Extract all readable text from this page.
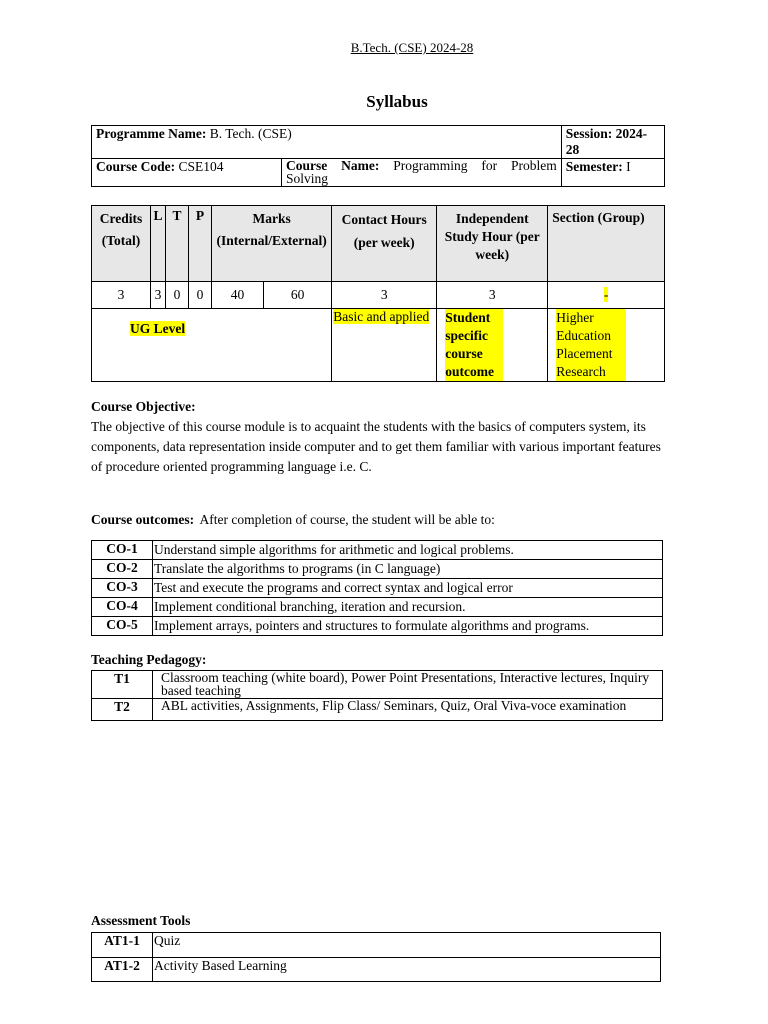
B.Tech. (CSE) 2024-28
Syllabus
Programme Name: B. Tech. (CSE)		Session: 2024-28
Course Code: CSE104	Course Name: Programming for Problem Solving	Semester: I
Credits (Total)	L	T	P	Marks (Internal/External)		Contact Hours (per week)	Independent Study Hour (per week)	Section (Group)
3	3	0	0	40	60	3	3	-
UG Level						Basic and applied	Student specific course outcome	Higher Education Placement Research
Course Objective:
The objective of this course module is to acquaint the students with the basics of computers system, its components, data representation inside computer and to get them familiar with various important features of procedure oriented programming language i.e. C.
Course outcomes: After completion of course, the student will be able to:
CO-1	Understand simple algorithms for arithmetic and logical problems.
CO-2	Translate the algorithms to programs (in C language)
CO-3	Test and execute the programs and correct syntax and logical error
CO-4	Implement conditional branching, iteration and recursion.
CO-5	Implement arrays, pointers and structures to formulate algorithms and programs.
Teaching Pedagogy:
T1	Classroom teaching (white board), Power Point Presentations, Interactive lectures, Inquiry based teaching
T2	ABL activities, Assignments, Flip Class/ Seminars, Quiz, Oral Viva-voce examination
Assessment Tools
AT1-1	Quiz
AT1-2	Activity Based Learning
